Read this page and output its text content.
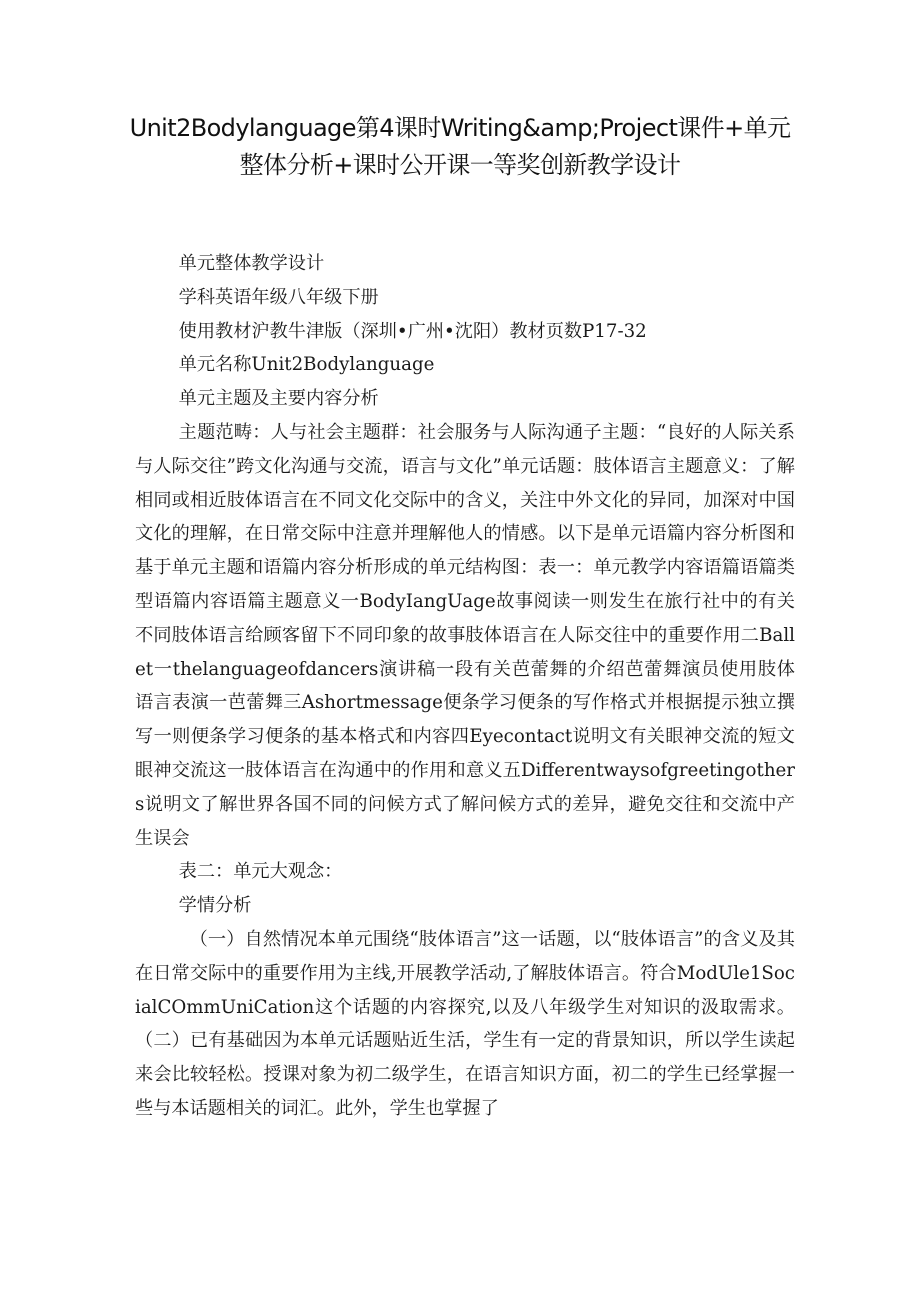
Unit2Bodylanguage第4课时Writing&amp;Project课件+单元整体分析+课时公开课一等奖创新教学设计

单元整体教学设计

学科英语年级八年级下册

使用教材沪教牛津版（深圳•广州•沈阳）教材页数P17-32

单元名称Unit2Bodylanguage

单元主题及主要内容分析

主题范畴：人与社会主题群：社会服务与人际沟通子主题：“良好的人际关系与人际交往”跨文化沟通与交流，语言与文化”单元话题：肢体语言主题意义：了解相同或相近肢体语言在不同文化交际中的含义，关注中外文化的异同，加深对中国文化的理解，在日常交际中注意并理解他人的情感。以下是单元语篇内容分析图和基于单元主题和语篇内容分析形成的单元结构图：表一：单元教学内容语篇语篇类型语篇内容语篇主题意义一BodyIangUage故事阅读一则发生在旅行社中的有关不同肢体语言给顾客留下不同印象的故事肢体语言在人际交往中的重要作用二Ballet一thelanguageofdancers演讲稿一段有关芭蕾舞的介绍芭蕾舞演员使用肢体语言表演一芭蕾舞三Ashortmessage便条学习便条的写作格式并根据提示独立撰写一则便条学习便条的基本格式和内容四Eyecontact说明文有关眼神交流的短文眼神交流这一肢体语言在沟通中的作用和意义五Differentwaysofgreetingothers说明文了解世界各国不同的问候方式了解问候方式的差异，避免交往和交流中产生误会

表二：单元大观念：

学情分析

（一）自然情况本单元围绕“肢体语言”这一话题，以“肢体语言”的含义及其在日常交际中的重要作用为主线,开展教学活动,了解肢体语言。符合ModUle1SocialCOmmUniCation这个话题的内容探究,以及八年级学生对知识的汲取需求。（二）已有基础因为本单元话题贴近生活，学生有一定的背景知识，所以学生读起来会比较轻松。授课对象为初二级学生，在语言知识方面，初二的学生已经掌握一些与本话题相关的词汇。此外，学生也掌握了
